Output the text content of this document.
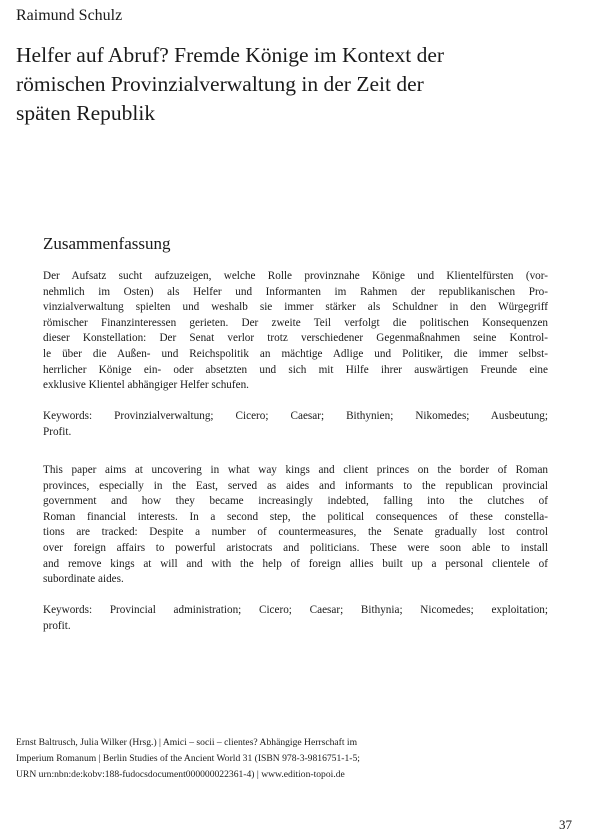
Raimund Schulz
Helfer auf Abruf? Fremde Könige im Kontext der
römischen Provinzialverwaltung in der Zeit der
späten Republik
Zusammenfassung
Der Aufsatz sucht aufzuzeigen, welche Rolle provinznahe Könige und Klientelfürsten (vor-
nehmlich im Osten) als Helfer und Informanten im Rahmen der republikanischen Pro-
vinzialverwaltung spielten und weshalb sie immer stärker als Schuldner in den Würgegriff
römischer Finanzinteressen gerieten. Der zweite Teil verfolgt die politischen Konsequenzen
dieser Konstellation: Der Senat verlor trotz verschiedener Gegenmaßnahmen seine Kontrol-
le über die Außen- und Reichspolitik an mächtige Adlige und Politiker, die immer selbst-
herrlicher Könige ein- oder absetzten und sich mit Hilfe ihrer auswärtigen Freunde eine
exklusive Klientel abhängiger Helfer schufen.
Keywords: Provinzialverwaltung; Cicero; Caesar; Bithynien; Nikomedes; Ausbeutung;
Profit.
This paper aims at uncovering in what way kings and client princes on the border of Roman
provinces, especially in the East, served as aides and informants to the republican provincial
government and how they became increasingly indebted, falling into the clutches of
Roman financial interests. In a second step, the political consequences of these constella-
tions are tracked: Despite a number of countermeasures, the Senate gradually lost control
over foreign affairs to powerful aristocrats and politicians. These were soon able to install
and remove kings at will and with the help of foreign allies built up a personal clientele of
subordinate aides.
Keywords: Provincial administration; Cicero; Caesar; Bithynia; Nicomedes; exploitation;
profit.
Ernst Baltrusch, Julia Wilker (Hrsg.) | Amici – socii – clientes? Abhängige Herrschaft im
Imperium Romanum | Berlin Studies of the Ancient World 31 (ISBN 978-3-9816751-1-5;
URN urn:nbn:de:kobv:188-fudocsdocument000000022361-4) | www.edition-topoi.de
37
